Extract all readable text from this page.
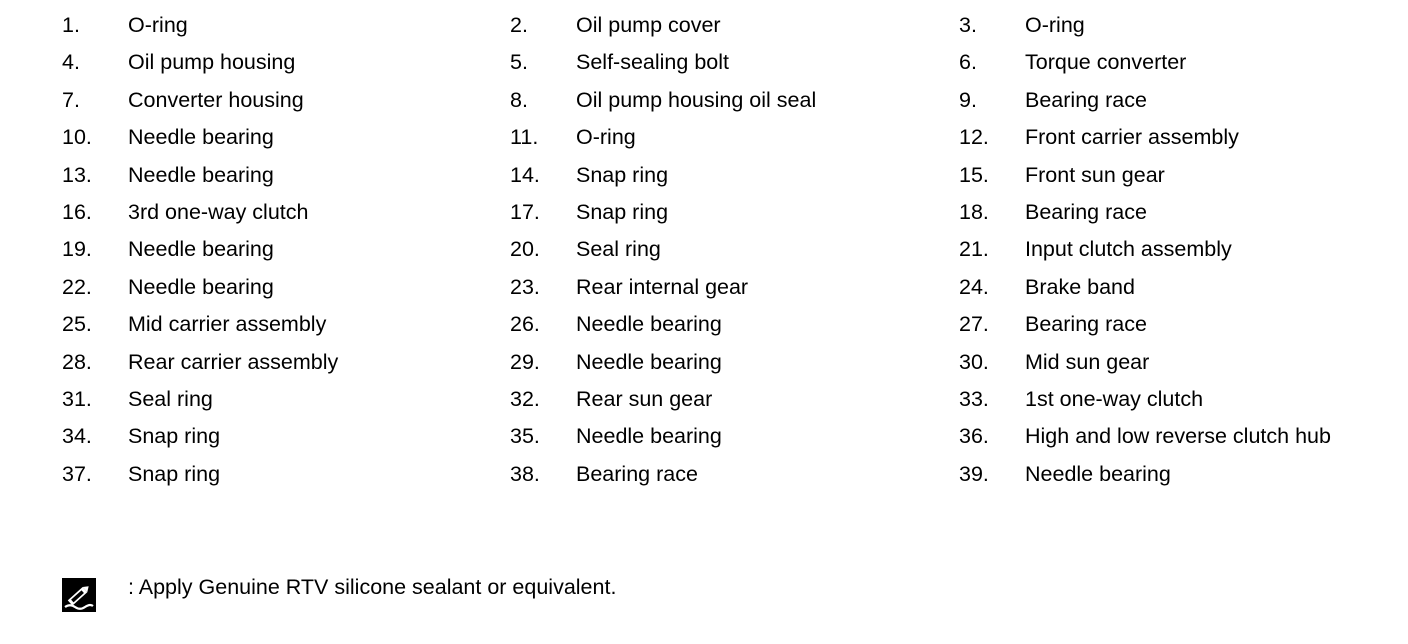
1. O-ring	2. Oil pump cover	3. O-ring
4. Oil pump housing	5. Self-sealing bolt	6. Torque converter
7. Converter housing	8. Oil pump housing oil seal	9. Bearing race
10. Needle bearing	11. O-ring	12. Front carrier assembly
13. Needle bearing	14. Snap ring	15. Front sun gear
16. 3rd one-way clutch	17. Snap ring	18. Bearing race
19. Needle bearing	20. Seal ring	21. Input clutch assembly
22. Needle bearing	23. Rear internal gear	24. Brake band
25. Mid carrier assembly	26. Needle bearing	27. Bearing race
28. Rear carrier assembly	29. Needle bearing	30. Mid sun gear
31. Seal ring	32. Rear sun gear	33. 1st one-way clutch
34. Snap ring	35. Needle bearing	36. High and low reverse clutch hub
37. Snap ring	38. Bearing race	39. Needle bearing
: Apply Genuine RTV silicone sealant or equivalent.
